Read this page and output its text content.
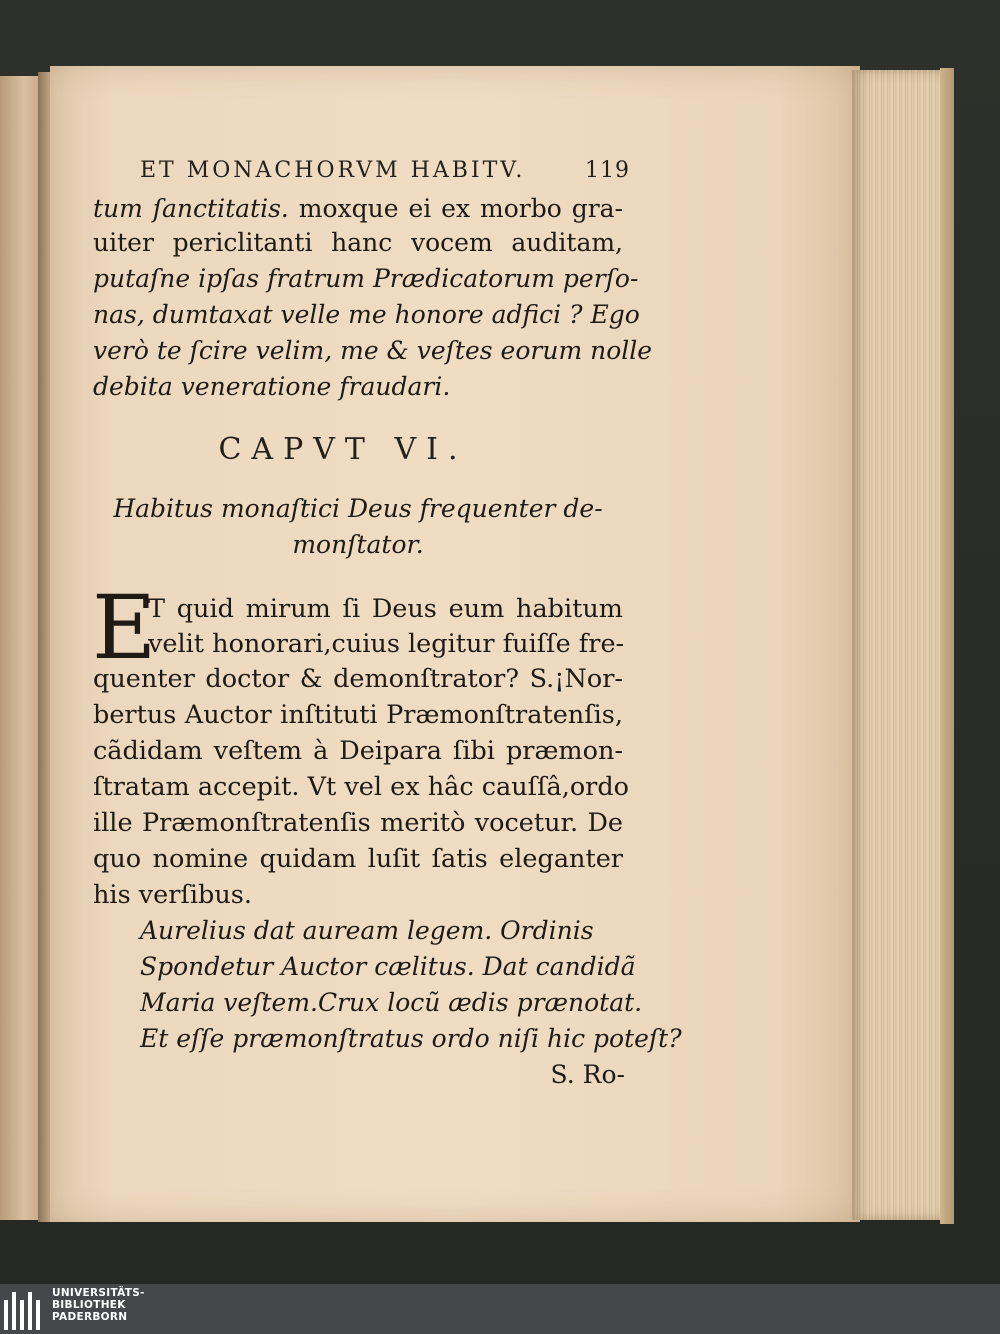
ET MONACHORVM HABITV.	119
tum ſanctitatis. moxque ei ex morbo gra-
uiter periclitanti hanc vocem auditam,
putaſne ipſas fratrum Prædicatorum perſo-
nas, dumtaxat velle me honore adfici ? Ego
verò te ſcire velim, me & veſtes eorum nolle
debita veneratione fraudari.
CAPVT VI.
Habitus monaſtici Deus frequenter de-
monſtator.
E
T quid mirum ſi Deus eum habitum
velit honorari,cuius legitur fuiſſe fre-
quenter doctor & demonſtrator? S.¡Nor-
bertus Auctor inſtituti Præmonſtratenſis,
cãdidam veſtem à Deipara ſibi præmon-
ſtratam accepit. Vt vel ex hâc cauſſâ,ordo
ille Præmonſtratenſis meritò vocetur. De
quo nomine quidam luſit ſatis eleganter
his verſibus.
Aurelius dat auream legem. Ordinis
Spondetur Auctor cælitus. Dat candidã
Maria veſtem.Crux locũ ædis prænotat.
Et eſſe præmonſtratus ordo niſi hic poteſt?
S. Ro-
UNIVERSITÄTS-
BIBLIOTHEK
PADERBORN
